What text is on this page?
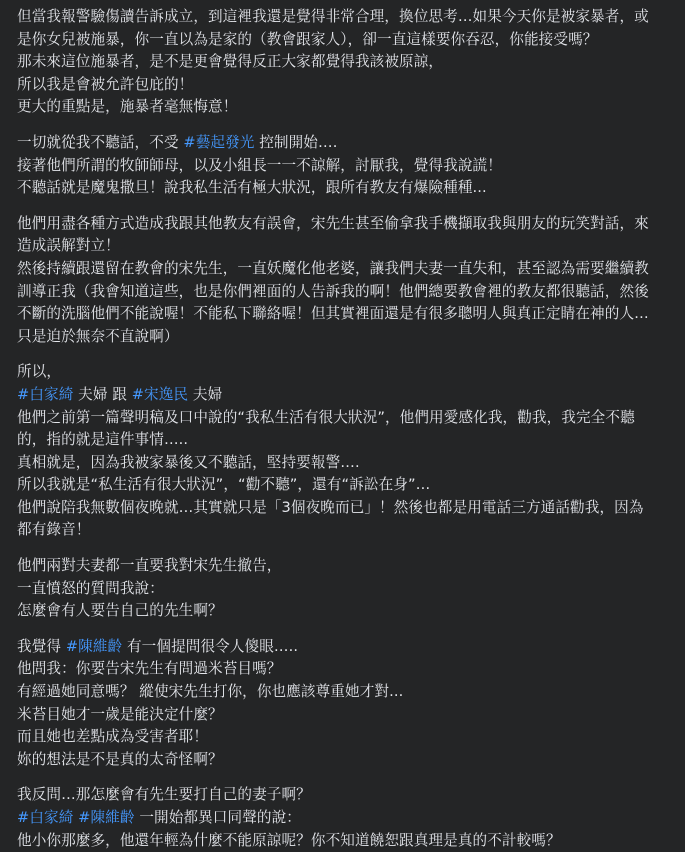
但當我報警驗傷讀告訴成立，到這裡我還是覺得非常合理，換位思考…如果今天你是被家暴者，或
是你女兒被施暴，你一直以為是家的（教會跟家人），卻一直這樣要你吞忍，你能接受嗎？
那未來這位施暴者，是不是更會覺得反正大家都覺得我該被原諒，
所以我是會被允許包庇的！
更大的重點是，施暴者毫無悔意！
一切就從我不聽話，不受 #藝起發光 控制開始….
接著他們所謂的牧師師母，以及小組長一一不諒解，討厭我，覺得我說謊！
不聽話就是魔鬼撒旦！說我私生活有極大狀況，跟所有教友有爆險種種...
他們用盡各種方式造成我跟其他教友有誤會，宋先生甚至偷拿我手機擷取我與朋友的玩笑對話，來
造成誤解對立！
然後持續跟還留在教會的宋先生，一直妖魔化他老婆，讓我們夫妻一直失和，甚至認為需要繼續教
訓導正我（我會知道這些，也是你們裡面的人告訴我的啊！他們總要教會裡的教友都很聽話，然後
不斷的洗腦他們不能說喔！不能私下聯絡喔！但其實裡面還是有很多聰明人與真正定睛在神的人…
只是迫於無奈不直說啊）
所以，
#白家綺 夫婦 跟 #宋逸民 夫婦
他們之前第一篇聲明稿及口中說的“我私生活有很大狀況”，他們用愛感化我，勸我，我完全不聽
的，指的就是這件事情…..
真相就是，因為我被家暴後又不聽話，堅持要報警….
所以我就是“私生活有很大狀況”，“勸不聽”，還有“訴訟在身”…
他們說陪我無數個夜晚就…其實就只是「3個夜晚而已」！然後也都是用電話三方通話勸我，因為
都有錄音！
他們兩對夫妻都一直要我對宋先生撤告，
一直憤怒的質問我說：
怎麼會有人要告自己的先生啊？
我覺得 #陳維齡 有一個提問很令人傻眼…..
他問我：你要告宋先生有問過米苔目嗎？
有經過她同意嗎？ 縱使宋先生打你，你也應該尊重她才對...
米苔目她才一歲是能決定什麼？
而且她也差點成為受害者耶！
妳的想法是不是真的太奇怪啊？
我反問…那怎麼會有先生要打自己的妻子啊？
#白家綺 #陳維齡 一開始都異口同聲的說：
他小你那麼多，他還年輕為什麼不能原諒呢？你不知道饒恕跟真理是真的不計較嗎？
